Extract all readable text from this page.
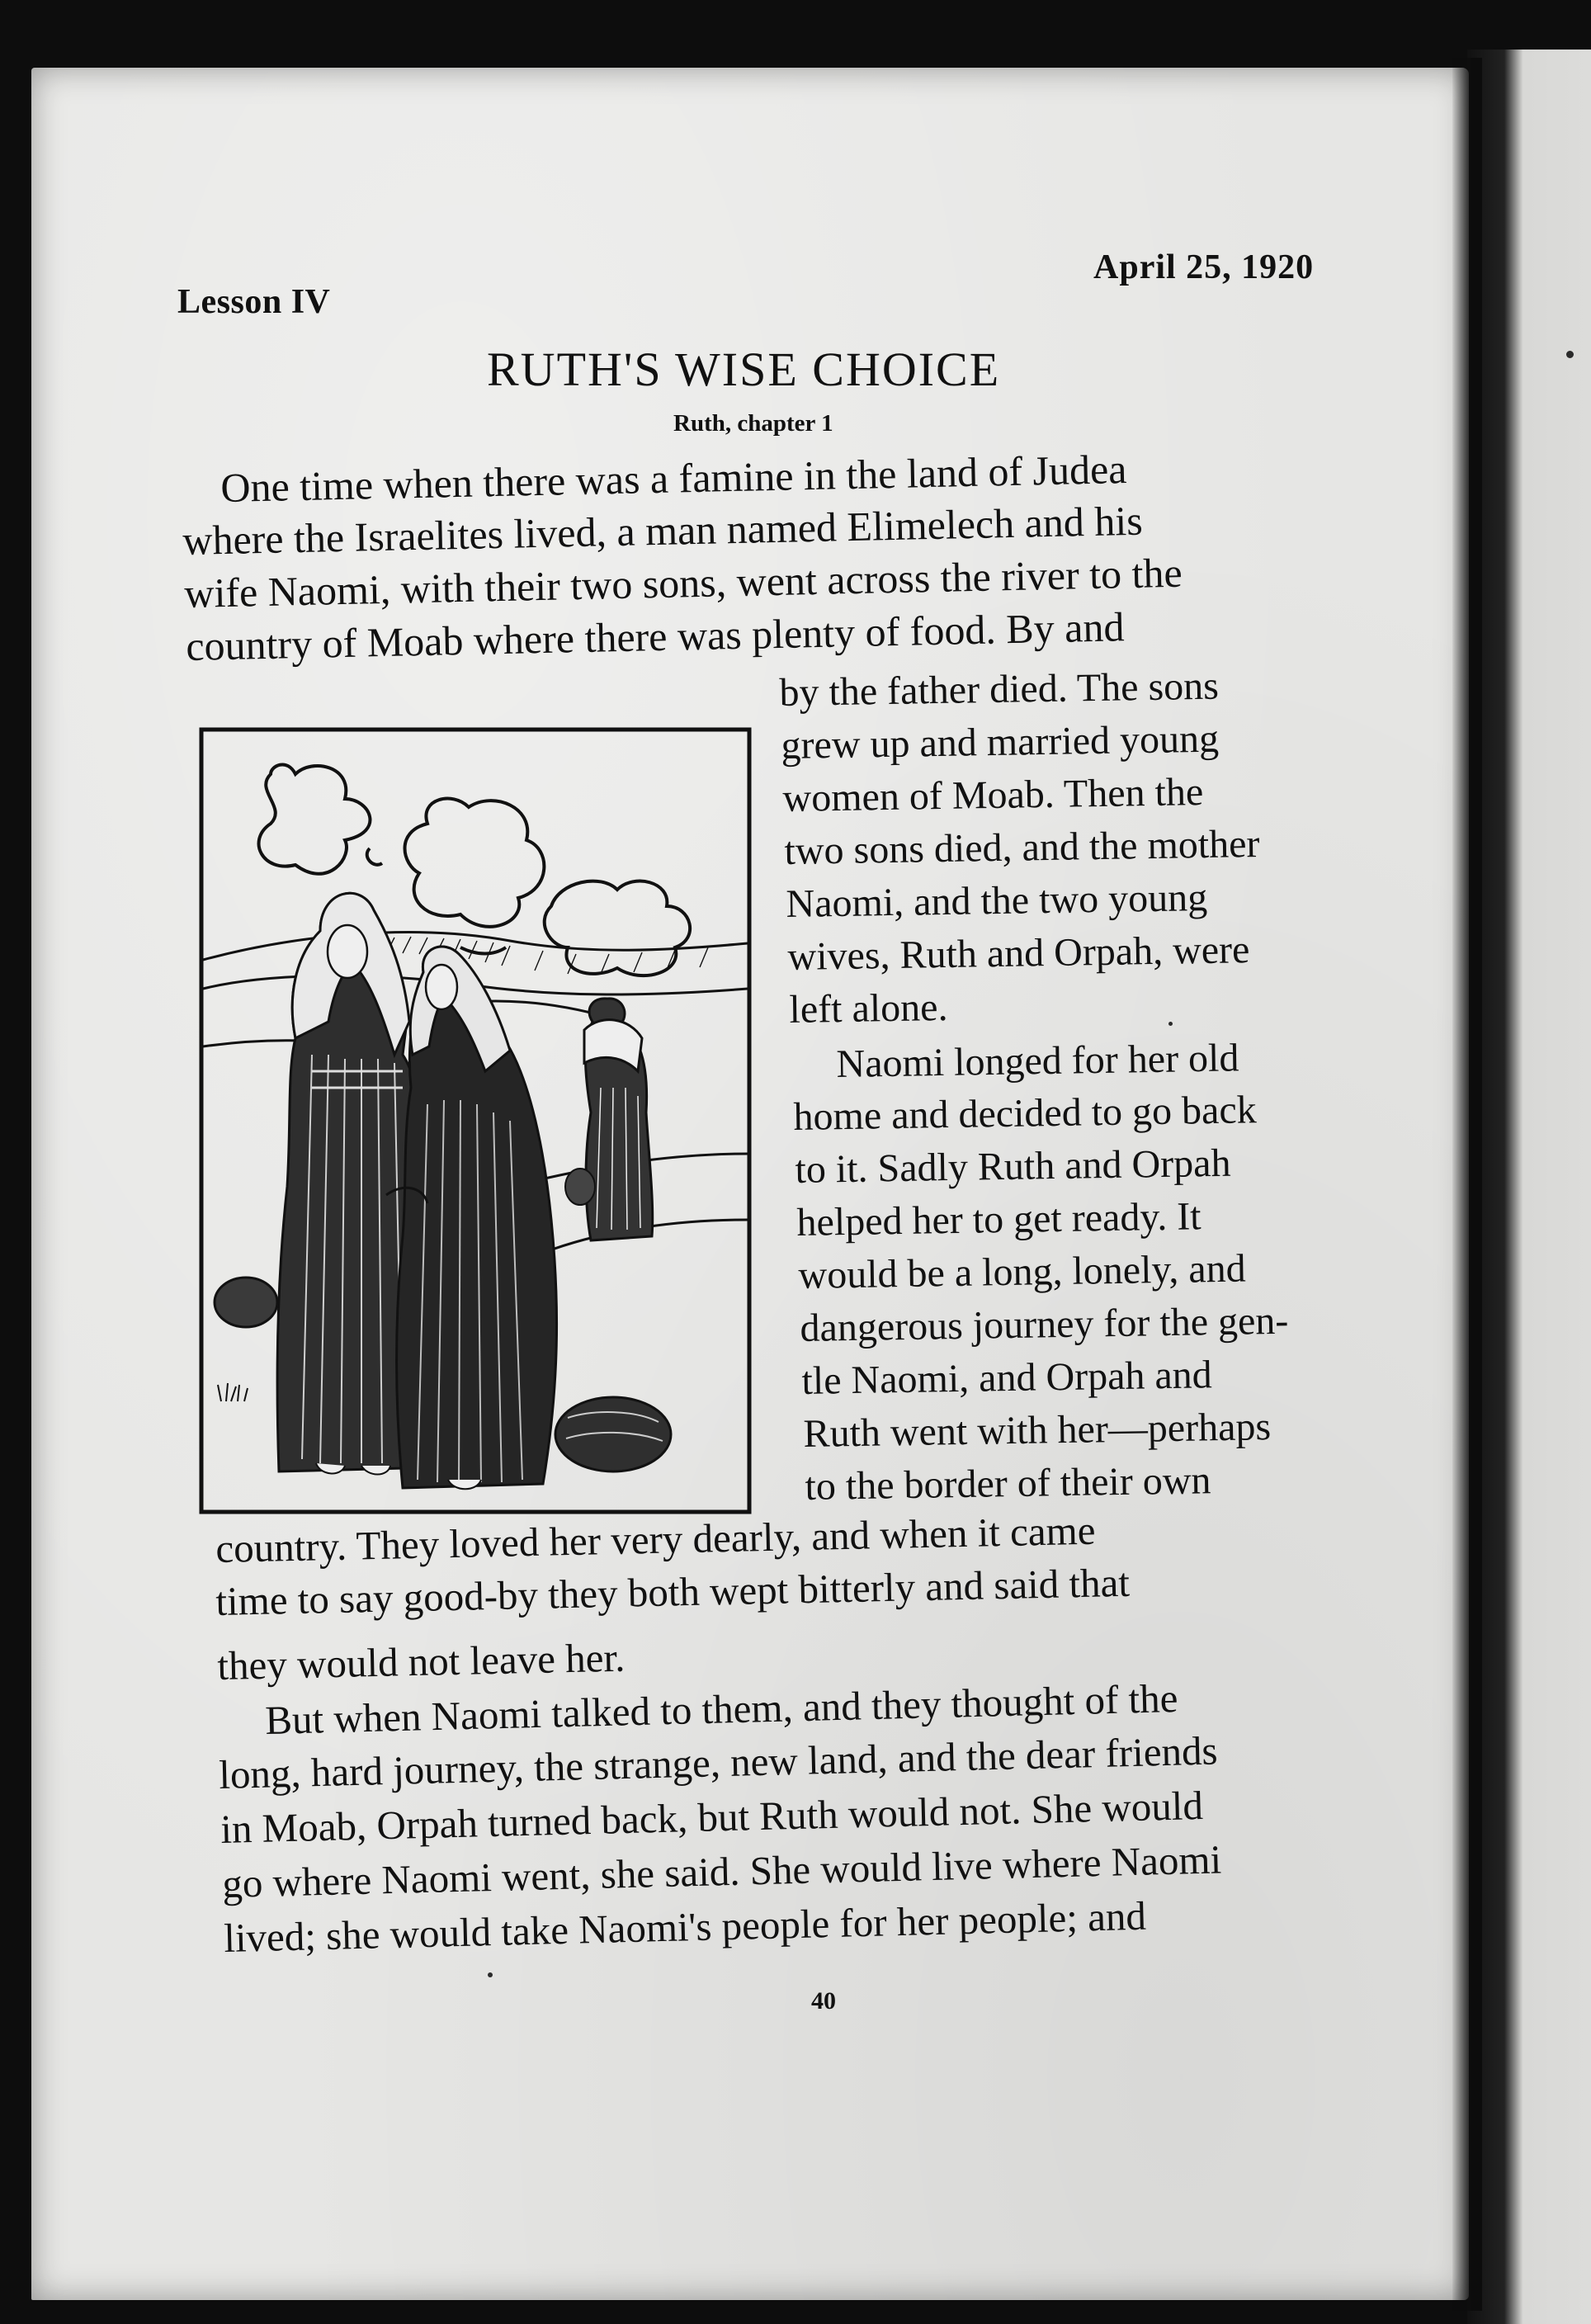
Lesson IV
April 25, 1920
RUTH'S WISE CHOICE
Ruth, chapter 1
One time when there was a famine in the land of Judea
where the Israelites lived, a man named Elimelech and his
wife Naomi, with their two sons, went across the river to the
country of Moab where there was plenty of food. By and
by the father died. The sons
grew up and married young
women of Moab. Then the
two sons died, and the mother
Naomi, and the two young
wives, Ruth and Orpah, were
left alone.
Naomi longed for her old
home and decided to go back
to it. Sadly Ruth and Orpah
helped her to get ready. It
would be a long, lonely, and
dangerous journey for the gen-
tle Naomi, and Orpah and
Ruth went with her—perhaps
to the border of their own
country. They loved her very dearly, and when it came
time to say good-by they both wept bitterly and said that
they would not leave her.
But when Naomi talked to them, and they thought of the
long, hard journey, the strange, new land, and the dear friends
in Moab, Orpah turned back, but Ruth would not. She would
go where Naomi went, she said. She would live where Naomi
lived; she would take Naomi's people for her people; and
40
